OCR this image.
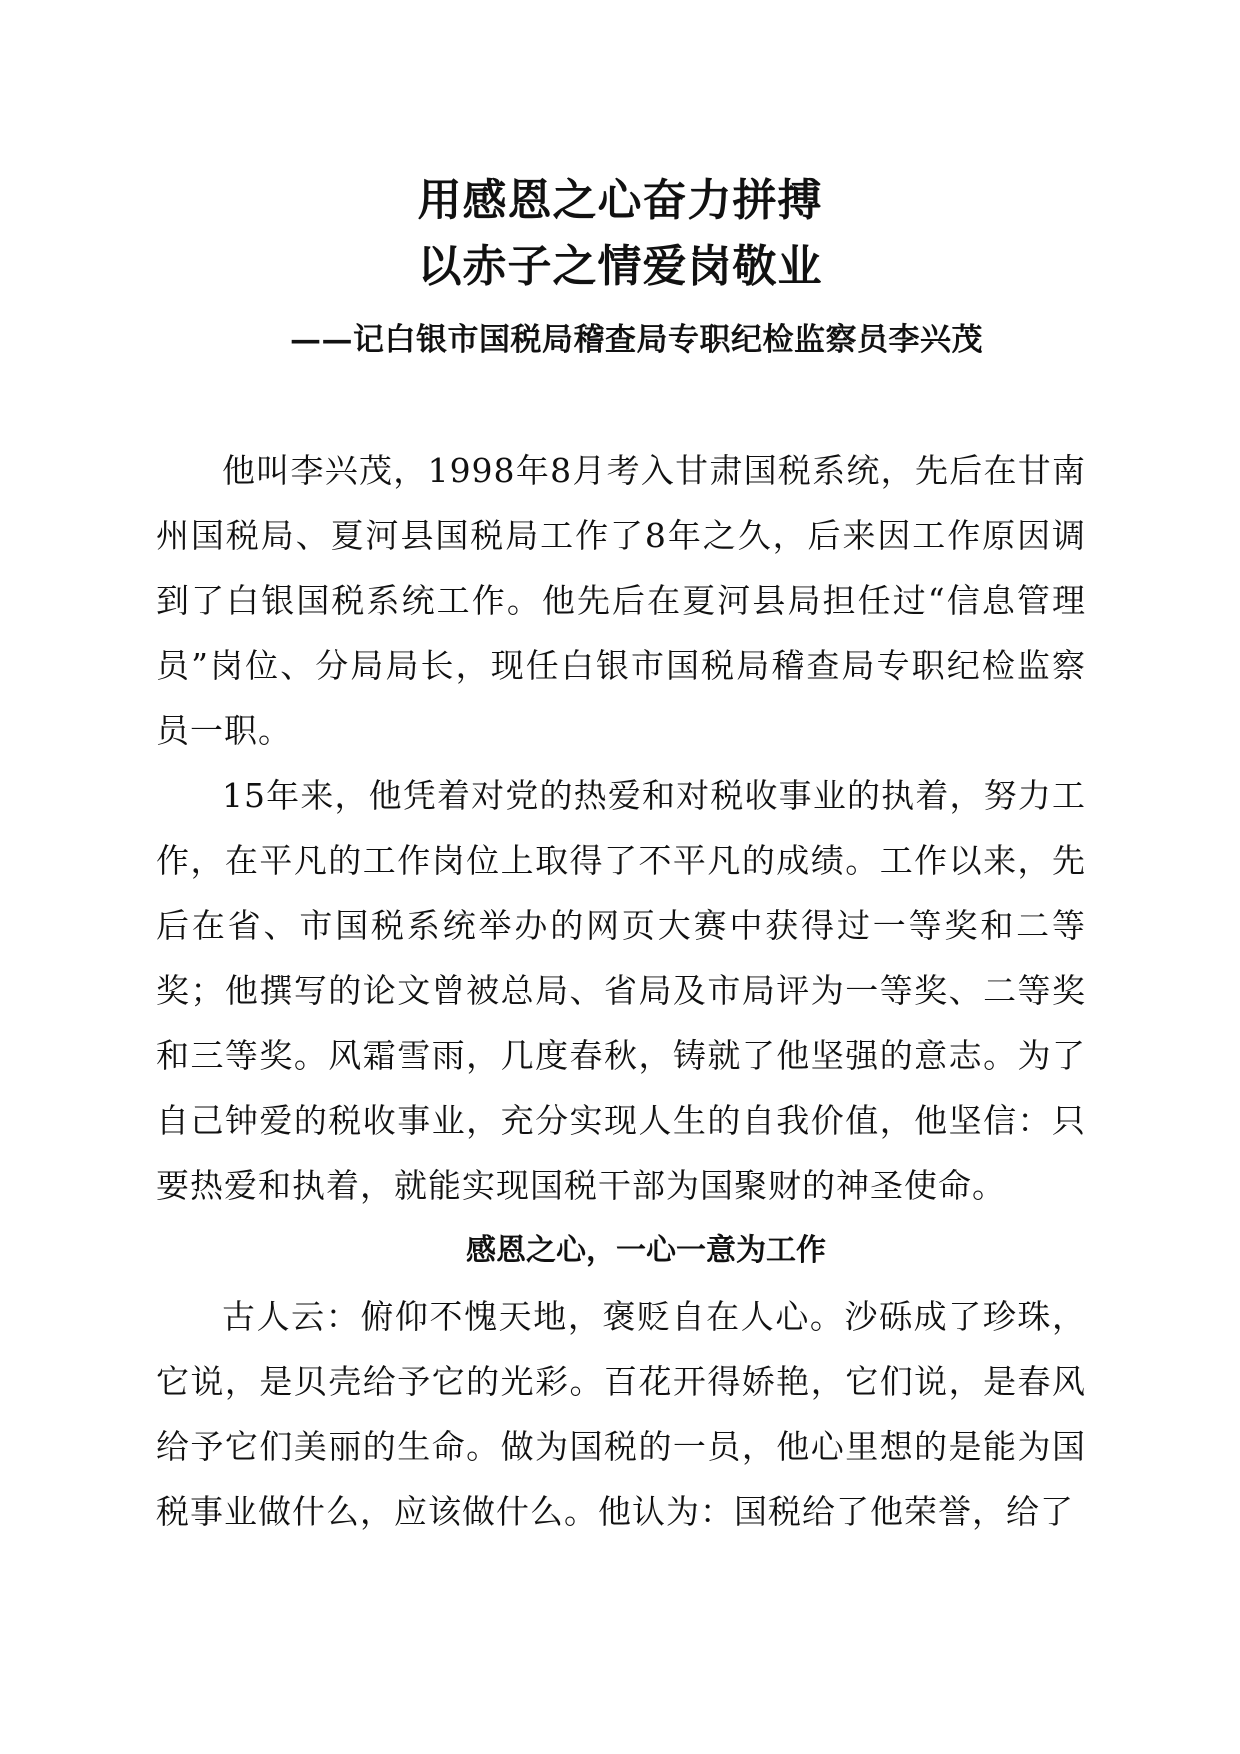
用感恩之心奋力拼搏
以赤子之情爱岗敬业
——记白银市国税局稽查局专职纪检监察员李兴茂

他叫李兴茂，1998年8月考入甘肃国税系统，先后在甘南州国税局、夏河县国税局工作了8年之久，后来因工作原因调到了白银国税系统工作。他先后在夏河县局担任过“信息管理员”岗位、分局局长，现任白银市国税局稽查局专职纪检监察员一职。

15年来，他凭着对党的热爱和对税收事业的执着，努力工作，在平凡的工作岗位上取得了不平凡的成绩。工作以来，先后在省、市国税系统举办的网页大赛中获得过一等奖和二等奖；他撰写的论文曾被总局、省局及市局评为一等奖、二等奖和三等奖。风霜雪雨，几度春秋，铸就了他坚强的意志。为了自己钟爱的税收事业，充分实现人生的自我价值，他坚信：只要热爱和执着，就能实现国税干部为国聚财的神圣使命。

感恩之心，一心一意为工作

古人云：俯仰不愧天地，褒贬自在人心。沙砾成了珍珠，它说，是贝壳给予它的光彩。百花开得娇艳，它们说，是春风给予它们美丽的生命。做为国税的一员，他心里想的是能为国税事业做什么，应该做什么。他认为：国税给了他荣誉，给了
